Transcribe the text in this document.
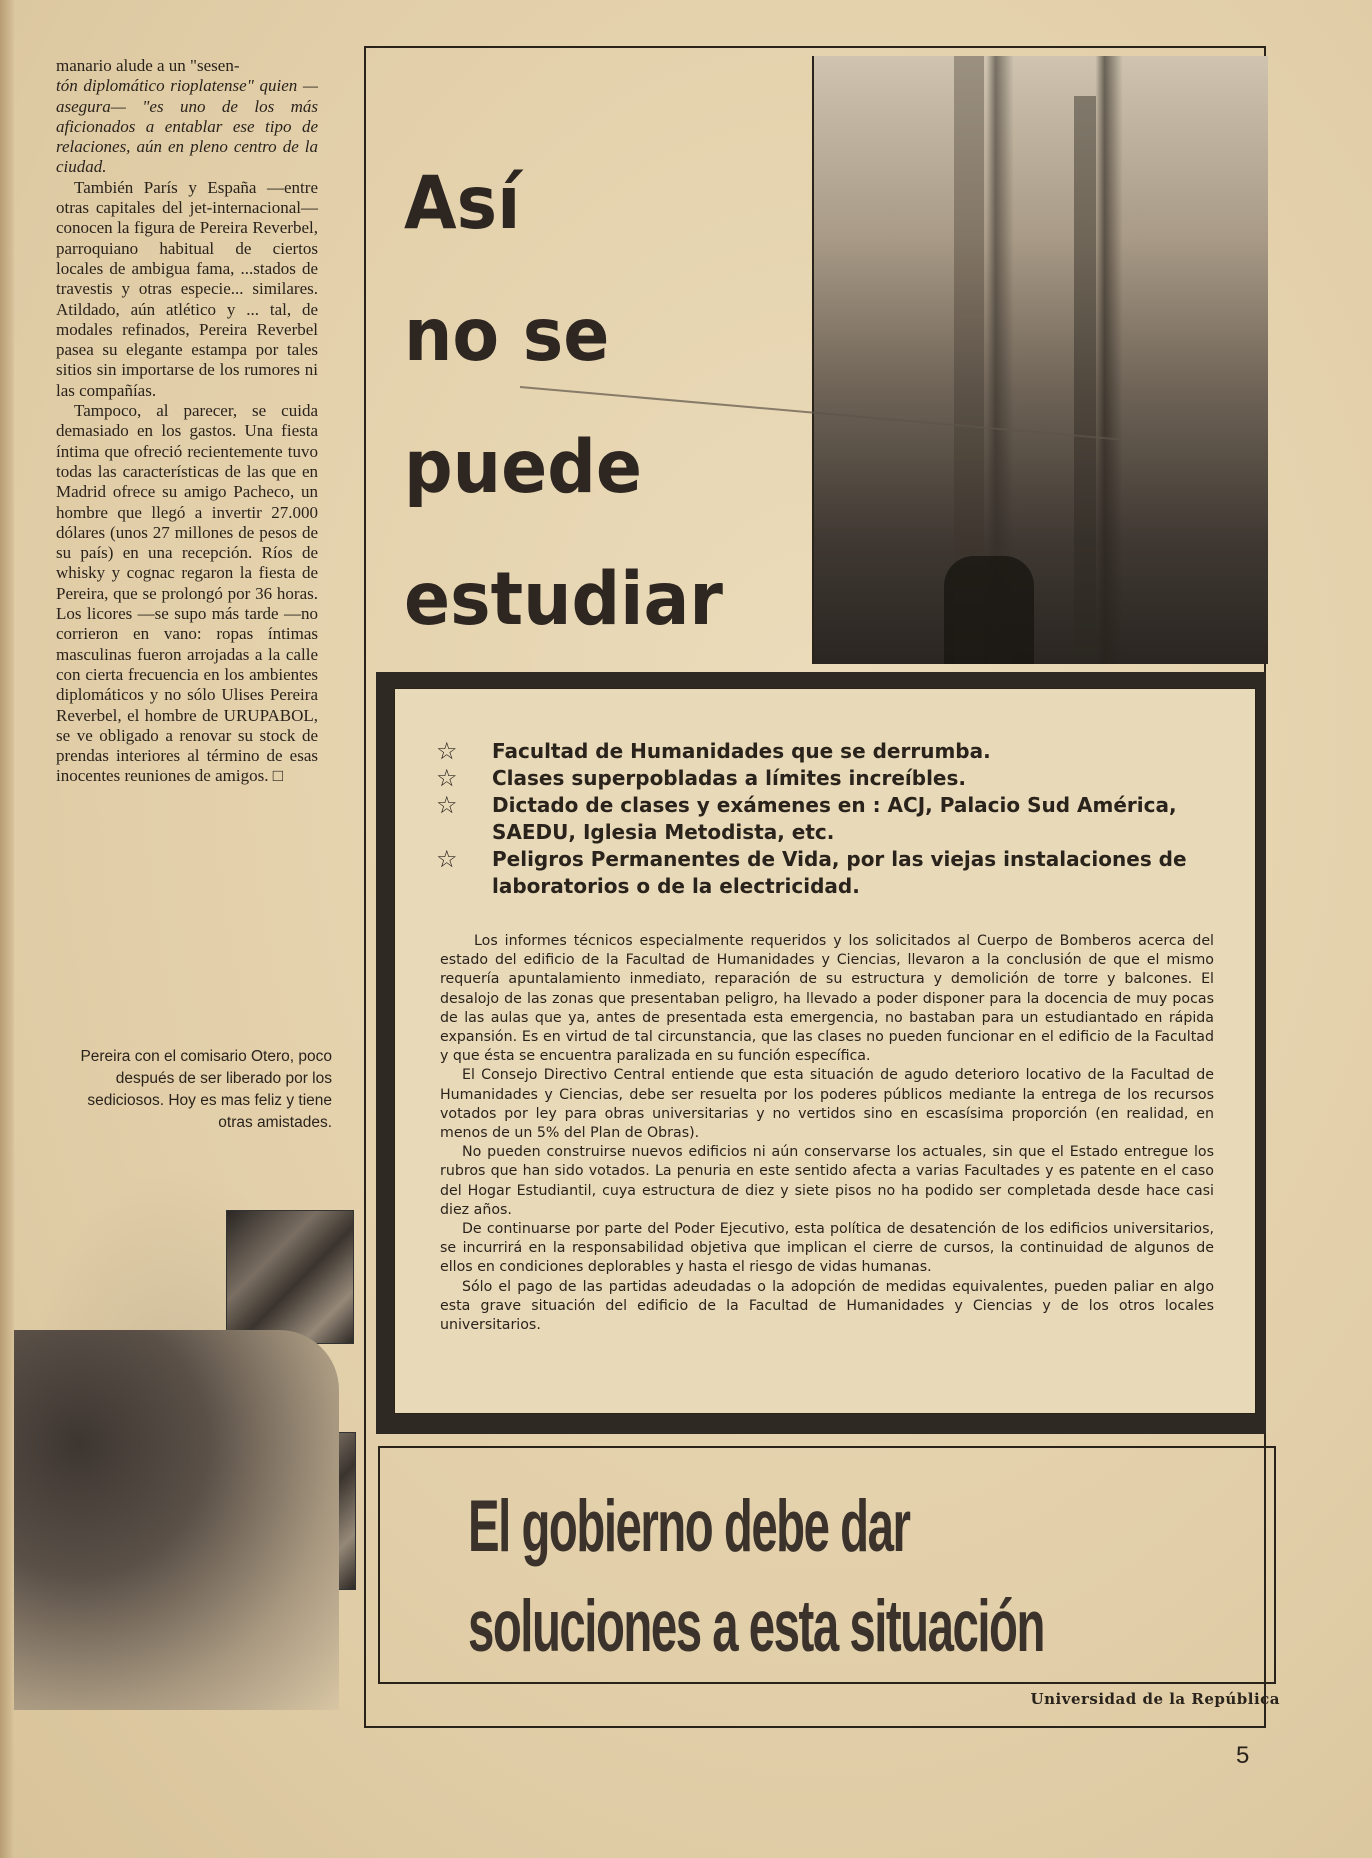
manario alude a un "sesen-

tón diplomático rioplatense" quien —asegura— "es uno de los más aficionados a entablar ese tipo de relaciones, aún en pleno centro de la ciudad.

También París y España —entre otras capitales del jet-internacional— conocen la figura de Pereira Reverbel, parroquiano habitual de ciertos locales de ambigua fama, ...stados de travestis y otras especie... similares. Atildado, aún atlético y ... tal, de modales refinados, Pereira Reverbel pasea su elegante estampa por tales sitios sin importarse de los rumores ni las compañías.

Tampoco, al parecer, se cuida demasiado en los gastos. Una fiesta íntima que ofreció recientemente tuvo todas las características de las que en Madrid ofrece su amigo Pacheco, un hombre que llegó a invertir 27.000 dólares (unos 27 millones de pesos de su país) en una recepción. Ríos de whisky y cognac regaron la fiesta de Pereira, que se prolongó por 36 horas. Los licores —se supo más tarde —no corrieron en vano: ropas íntimas masculinas fueron arrojadas a la calle con cierta frecuencia en los ambientes diplomáticos y no sólo Ulises Pereira Reverbel, el hombre de URUPABOL, se ve obligado a renovar su stock de prendas interiores al término de esas inocentes reuniones de amigos. □

Pereira con el comisario Otero, poco después de ser liberado por los sediciosos. Hoy es mas feliz y tiene otras amistades.
Así
no se
puede
estudiar
☆	Facultad de Humanidades que se derrumba.
☆	Clases superpobladas a límites increíbles.
☆	Dictado de clases y exámenes en : ACJ, Palacio Sud América, SAEDU, Iglesia Metodista, etc.
☆	Peligros Permanentes de Vida, por las viejas instalaciones de laboratorios o de la electricidad.

Los informes técnicos especialmente requeridos y los solicitados al Cuerpo de Bomberos acerca del estado del edificio de la Facultad de Humanidades y Ciencias, llevaron a la conclusión de que el mismo requería apuntalamiento inmediato, reparación de su estructura y demolición de torre y balcones. El desalojo de las zonas que presentaban peligro, ha llevado a poder disponer para la docencia de muy pocas de las aulas que ya, antes de presentada esta emergencia, no bastaban para un estudiantado en rápida expansión. Es en virtud de tal circunstancia, que las clases no pueden funcionar en el edificio de la Facultad y que ésta se encuentra paralizada en su función específica.

El Consejo Directivo Central entiende que esta situación de agudo deterioro locativo de la Facultad de Humanidades y Ciencias, debe ser resuelta por los poderes públicos mediante la entrega de los recursos votados por ley para obras universitarias y no vertidos sino en escasísima proporción (en realidad, en menos de un 5% del Plan de Obras).

No pueden construirse nuevos edificios ni aún conservarse los actuales, sin que el Estado entregue los rubros que han sido votados. La penuria en este sentido afecta a varias Facultades y es patente en el caso del Hogar Estudiantil, cuya estructura de diez y siete pisos no ha podido ser completada desde hace casi diez años.

De continuarse por parte del Poder Ejecutivo, esta política de desatención de los edificios universitarios, se incurrirá en la responsabilidad objetiva que implican el cierre de cursos, la continuidad de algunos de ellos en condiciones deplorables y hasta el riesgo de vidas humanas.

Sólo el pago de las partidas adeudadas o la adopción de medidas equivalentes, pueden paliar en algo esta grave situación del edificio de la Facultad de Humanidades y Ciencias y de los otros locales universitarios.

El gobierno debe dar
soluciones a esta situación
Universidad de la República
5
